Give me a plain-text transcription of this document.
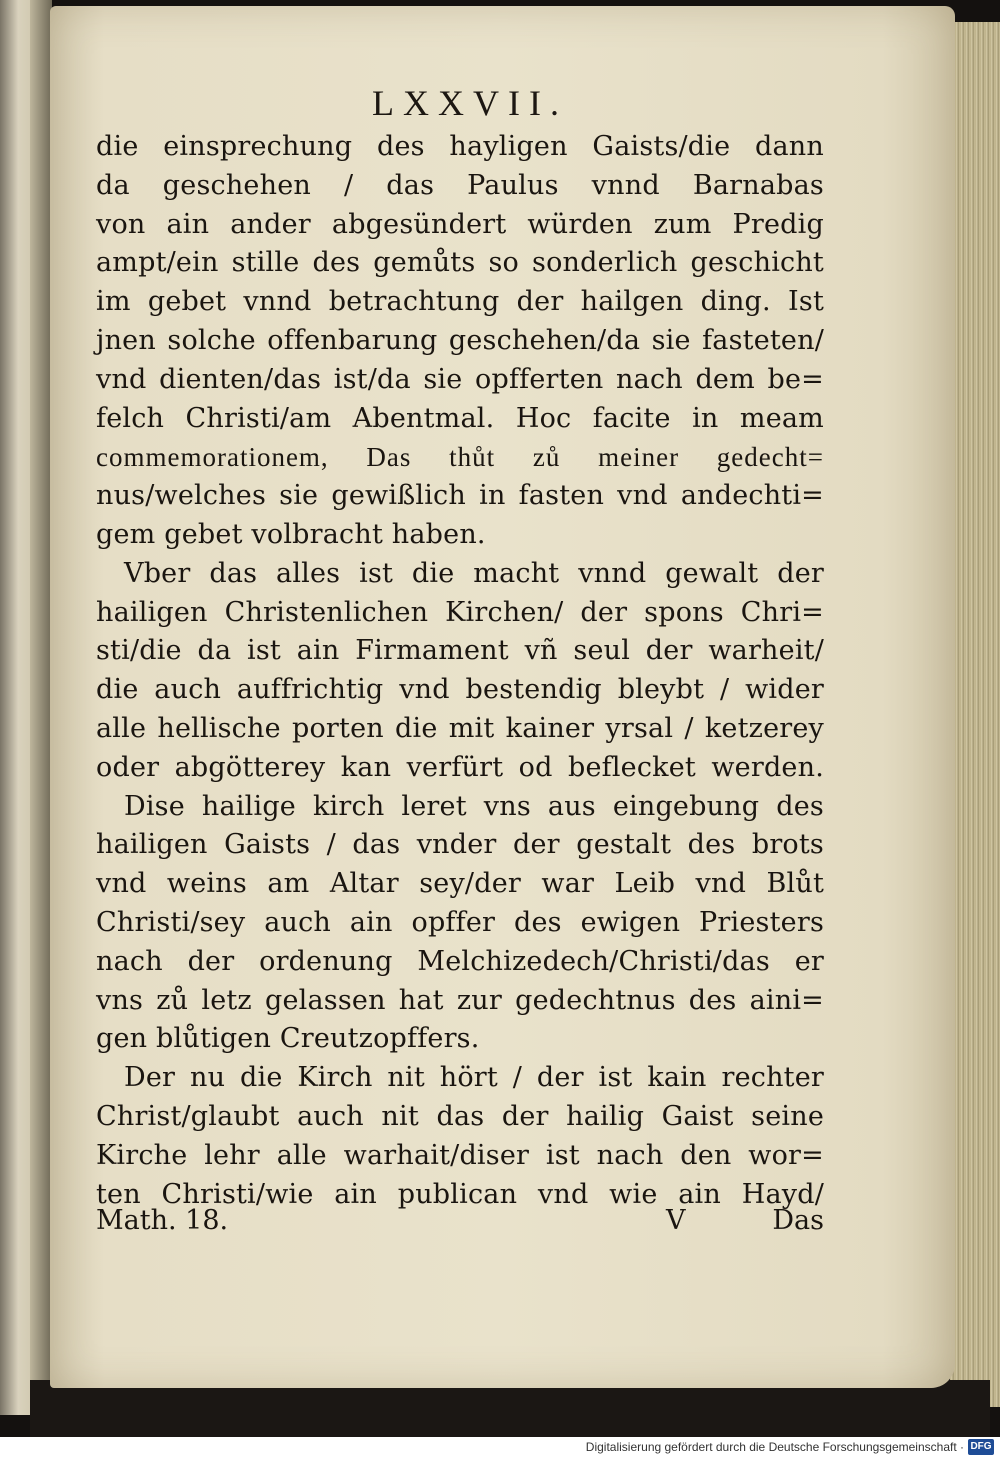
LXXVII.
die einsprechung des hayligen Gaists/die dann
da geschehen / das Paulus vnnd Barnabas
von ain ander abgesündert würden zum Predig
ampt/ein stille des gemůts so sonderlich geschicht
im gebet vnnd betrachtung der hailgen ding. Ist
jnen solche offenbarung geschehen/da sie fasteten/
vnd dienten/das ist/da sie opfferten nach dem be=
felch Christi/am Abentmal. Hoc facite in meam
commemorationem, Das thůt zů meiner gedecht=
nus/welches sie gewißlich in fasten vnd andechti=
gem gebet volbracht haben.
Vber das alles ist die macht vnnd gewalt der
hailigen Christenlichen Kirchen/ der spons Chri=
sti/die da ist ain Firmament vñ seul der warheit/
die auch auffrichtig vnd bestendig bleybt / wider
alle hellische porten die mit kainer yrsal / ketzerey
oder abgötterey kan verfürt od beflecket werden.
Dise hailige kirch leret vns aus eingebung des
hailigen Gaists / das vnder der gestalt des brots
vnd weins am Altar sey/der war Leib vnd Blůt
Christi/sey auch ain opffer des ewigen Priesters
nach der ordenung Melchizedech/Christi/das er
vns zů letz gelassen hat zur gedechtnus des aini=
gen blůtigen Creutzopffers.
Der nu die Kirch nit hört / der ist kain rechter
Christ/glaubt auch nit das der hailig Gaist seine
Kirche lehr alle warhait/diser ist nach den wor=
ten Christi/wie ain publican vnd wie ain Hayd/
Math. 18.	V	Das
Digitalisierung gefördert durch die Deutsche Forschungsgemeinschaft · DFG
